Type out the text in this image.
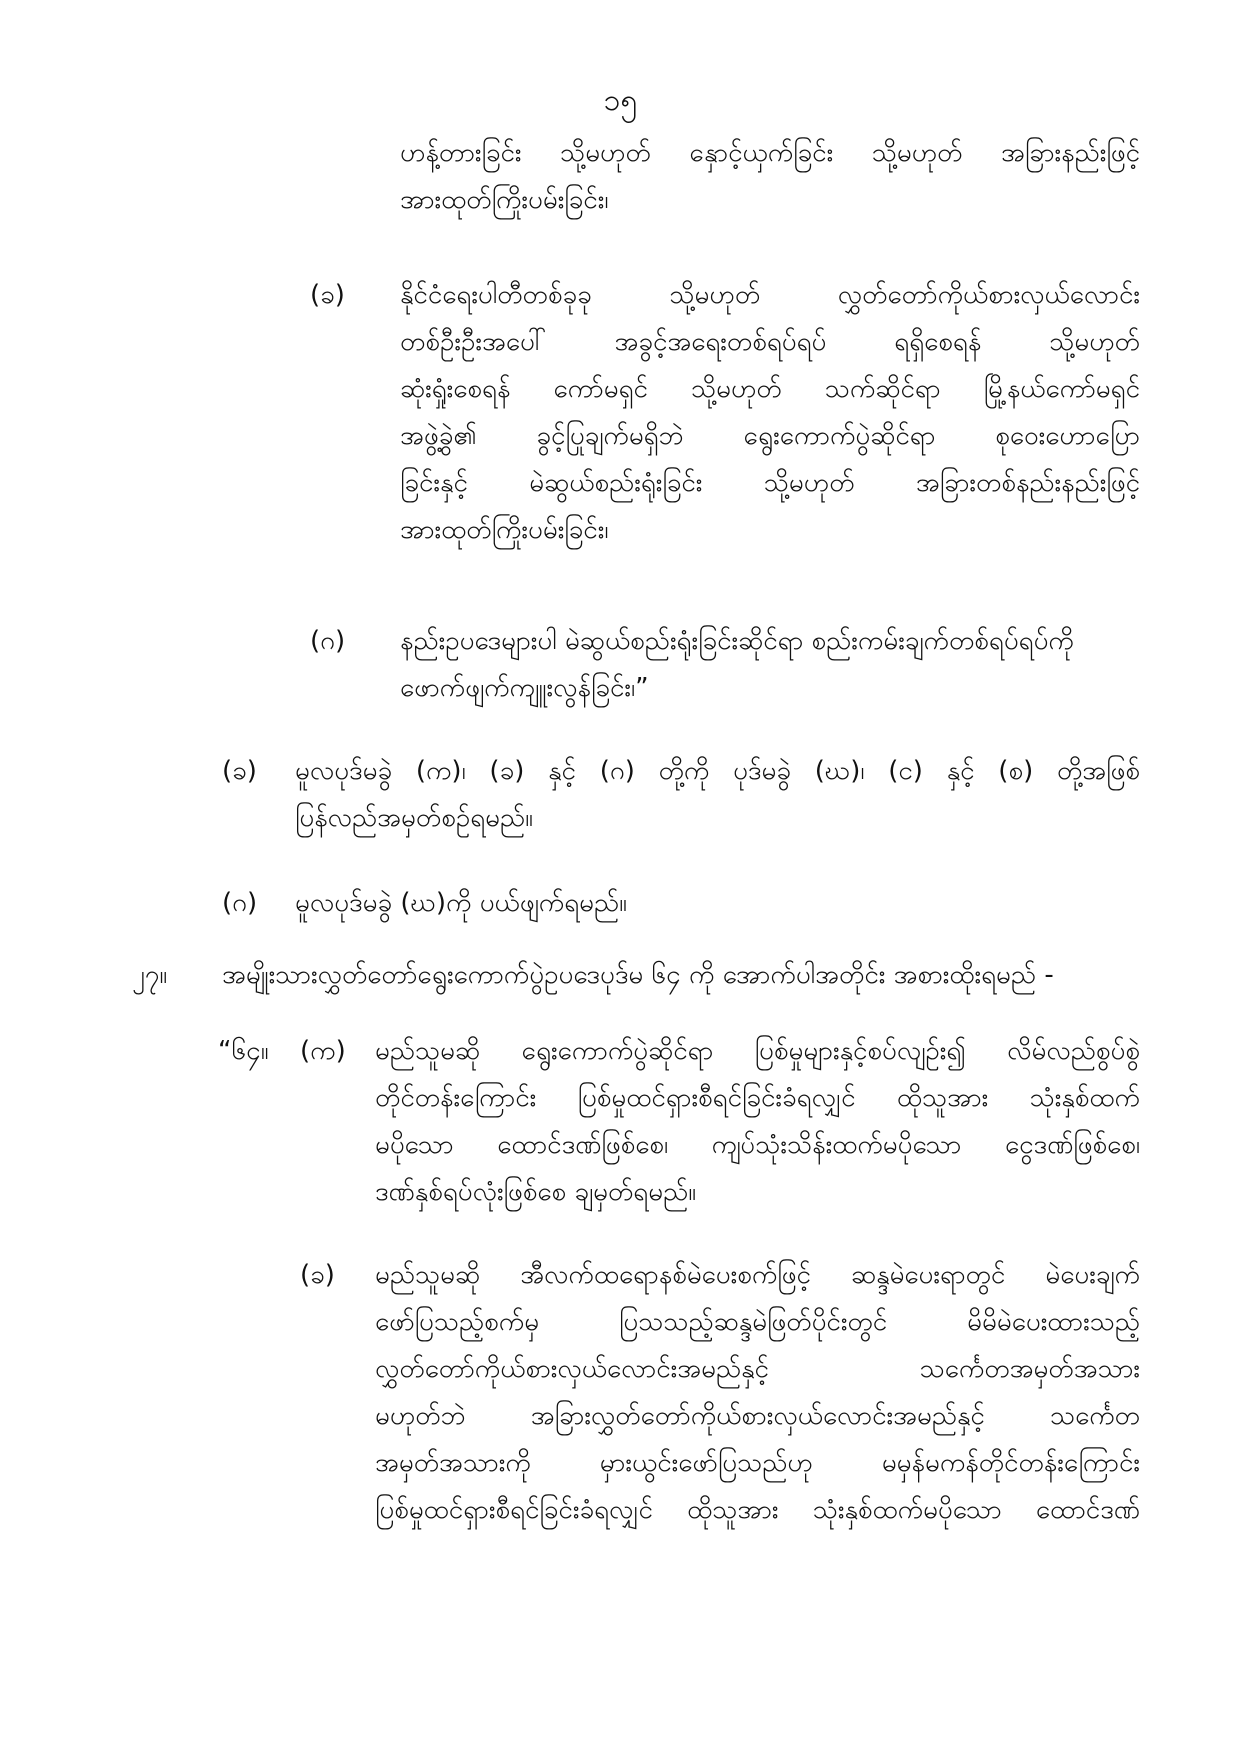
၁၅
ဟန့်တားခြင်း သို့မဟုတ် နှောင့်ယှက်ခြင်း သို့မဟုတ် အခြားနည်းဖြင့်
အားထုတ်ကြိုးပမ်းခြင်း၊
(ခ) နိုင်ငံရေးပါတီတစ်ခုခု သို့မဟုတ် လွှတ်တော်ကိုယ်စားလှယ်လောင်း
တစ်ဦးဦးအပေါ် အခွင့်အရေးတစ်ရပ်ရပ် ရရှိစေရန် သို့မဟုတ်
ဆုံးရှုံးစေရန် ကော်မရှင် သို့မဟုတ် သက်ဆိုင်ရာ မြို့နယ်ကော်မရှင်
အဖွဲ့ခွဲ၏ ခွင့်ပြုချက်မရှိဘဲ ရွေးကောက်ပွဲဆိုင်ရာ စုဝေးဟောပြော
ခြင်းနှင့် မဲဆွယ်စည်းရုံးခြင်း သို့မဟုတ် အခြားတစ်နည်းနည်းဖြင့်
အားထုတ်ကြိုးပမ်းခြင်း၊
(ဂ) နည်းဥပဒေများပါ မဲဆွယ်စည်းရုံးခြင်းဆိုင်ရာ စည်းကမ်းချက်တစ်ရပ်ရပ်ကို
ဖောက်ဖျက်ကျူးလွန်ခြင်း၊”
(ခ) မူလပုဒ်မခွဲ (က)၊ (ခ) နှင့် (ဂ) တို့ကို ပုဒ်မခွဲ (ဃ)၊ (င) နှင့် (စ) တို့အဖြစ်
ပြန်လည်အမှတ်စဉ်ရမည်။
(ဂ) မူလပုဒ်မခွဲ (ဃ)ကို ပယ်ဖျက်ရမည်။
၂၇။ အမျိုးသားလွှတ်တော်ရွေးကောက်ပွဲဥပဒေပုဒ်မ ၆၄ ကို အောက်ပါအတိုင်း အစားထိုးရမည် -
“၆၄။ (က) မည်သူမဆို ရွေးကောက်ပွဲဆိုင်ရာ ပြစ်မှုများနှင့်စပ်လျဉ်း၍ လိမ်လည်စွပ်စွဲ
တိုင်တန်းကြောင်း ပြစ်မှုထင်ရှားစီရင်ခြင်းခံရလျှင် ထိုသူအား သုံးနှစ်ထက်
မပိုသော ထောင်ဒဏ်ဖြစ်စေ၊ ကျပ်သုံးသိန်းထက်မပိုသော ငွေဒဏ်ဖြစ်စေ၊
ဒဏ်နှစ်ရပ်လုံးဖြစ်စေ ချမှတ်ရမည်။
(ခ) မည်သူမဆို အီလက်ထရောနစ်မဲပေးစက်ဖြင့် ဆန္ဒမဲပေးရာတွင် မဲပေးချက်
ဖော်ပြသည့်စက်မှ ပြသသည့်ဆန္ဒမဲဖြတ်ပိုင်းတွင် မိမိမဲပေးထားသည့်
လွှတ်တော်ကိုယ်စားလှယ်လောင်းအမည်နှင့် သင်္ကေတအမှတ်အသား
မဟုတ်ဘဲ အခြားလွှတ်တော်ကိုယ်စားလှယ်လောင်းအမည်နှင့် သင်္ကေတ
အမှတ်အသားကို မှားယွင်းဖော်ပြသည်ဟု မမှန်မကန်တိုင်တန်းကြောင်း
ပြစ်မှုထင်ရှားစီရင်ခြင်းခံရလျှင် ထိုသူအား သုံးနှစ်ထက်မပိုသော ထောင်ဒဏ်
